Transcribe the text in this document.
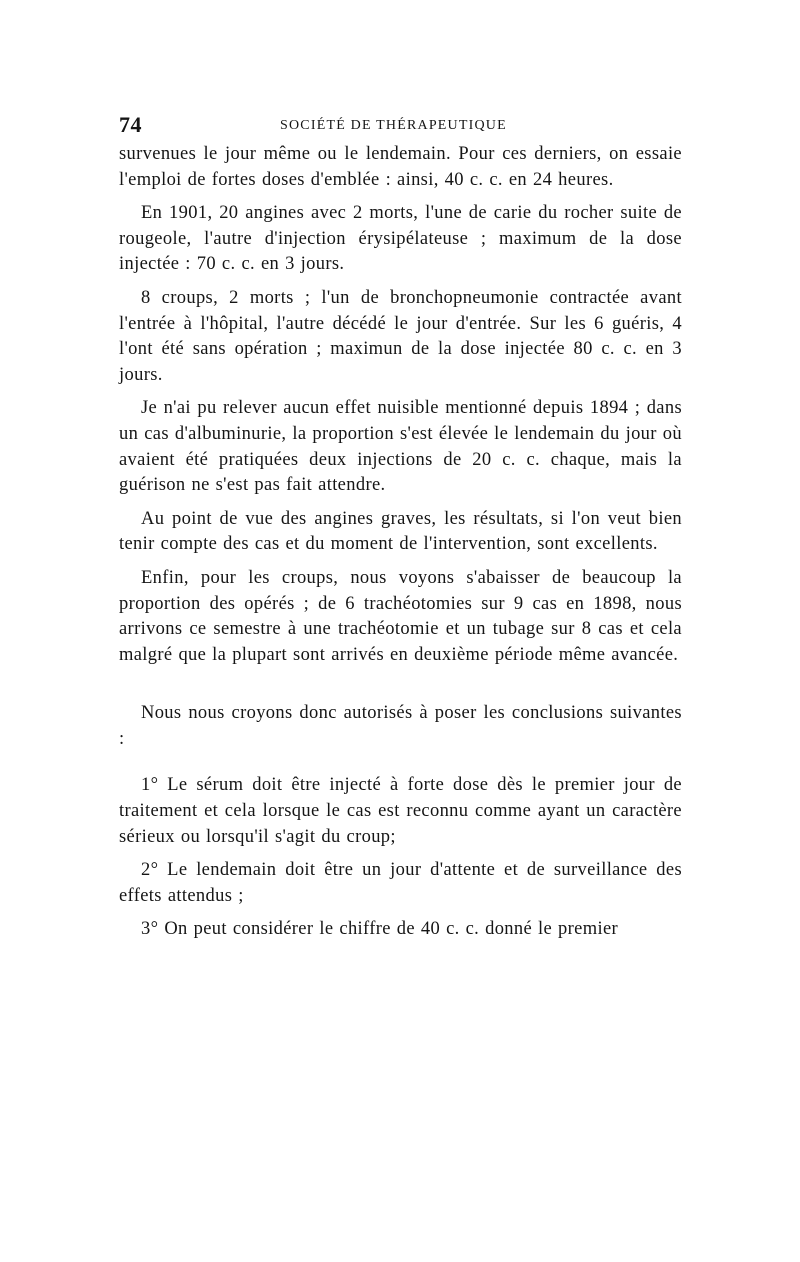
74	SOCIÉTÉ DE THÉRAPEUTIQUE

survenues le jour même ou le lendemain. Pour ces derniers, on essaie l'emploi de fortes doses d'emblée : ainsi, 40 c. c. en 24 heures.

En 1901, 20 angines avec 2 morts, l'une de carie du rocher suite de rougeole, l'autre d'injection érysipélateuse ; maximum de la dose injectée : 70 c. c. en 3 jours.

8 croups, 2 morts ; l'un de bronchopneumonie contractée avant l'entrée à l'hôpital, l'autre décédé le jour d'entrée. Sur les 6 guéris, 4 l'ont été sans opération ; maximun de la dose injectée 80 c. c. en 3 jours.

Je n'ai pu relever aucun effet nuisible mentionné depuis 1894 ; dans un cas d'albuminurie, la proportion s'est élevée le lendemain du jour où avaient été pratiquées deux injections de 20 c. c. chaque, mais la guérison ne s'est pas fait attendre.

Au point de vue des angines graves, les résultats, si l'on veut bien tenir compte des cas et du moment de l'intervention, sont excellents.

Enfin, pour les croups, nous voyons s'abaisser de beaucoup la proportion des opérés ; de 6 trachéotomies sur 9 cas en 1898, nous arrivons ce semestre à une trachéotomie et un tubage sur 8 cas et cela malgré que la plupart sont arrivés en deuxième période même avancée.

Nous nous croyons donc autorisés à poser les conclusions suivantes :

1° Le sérum doit être injecté à forte dose dès le premier jour de traitement et cela lorsque le cas est reconnu comme ayant un caractère sérieux ou lorsqu'il s'agit du croup;

2° Le lendemain doit être un jour d'attente et de surveillance des effets attendus ;

3° On peut considérer le chiffre de 40 c. c. donné le premier
